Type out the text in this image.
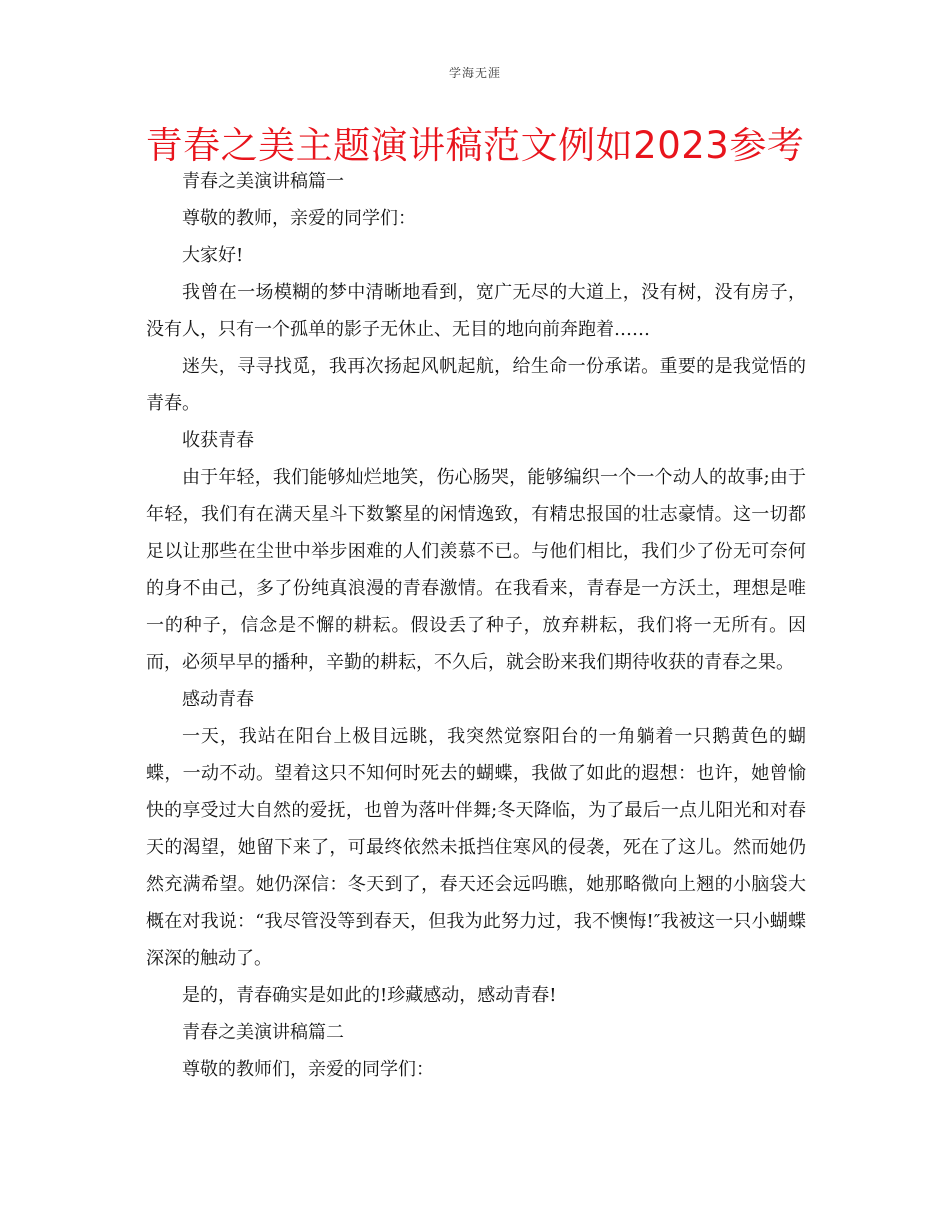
学海无涯
青春之美主题演讲稿范文例如2023参考

青春之美演讲稿篇一

尊敬的教师，亲爱的同学们：

大家好!

我曾在一场模糊的梦中清晰地看到，宽广无尽的大道上，没有树，没有房子，没有人，只有一个孤单的影子无休止、无目的地向前奔跑着……

迷失，寻寻找觅，我再次扬起风帆起航，给生命一份承诺。重要的是我觉悟的青春。

收获青春

由于年轻，我们能够灿烂地笑，伤心肠哭，能够编织一个一个动人的故事;由于年轻，我们有在满天星斗下数繁星的闲情逸致，有精忠报国的壮志豪情。这一切都足以让那些在尘世中举步困难的人们羡慕不已。与他们相比，我们少了份无可奈何的身不由己，多了份纯真浪漫的青春激情。在我看来，青春是一方沃土，理想是唯一的种子，信念是不懈的耕耘。假设丢了种子，放弃耕耘，我们将一无所有。因而，必须早早的播种，辛勤的耕耘，不久后，就会盼来我们期待收获的青春之果。

感动青春

一天，我站在阳台上极目远眺，我突然觉察阳台的一角躺着一只鹅黄色的蝴蝶，一动不动。望着这只不知何时死去的蝴蝶，我做了如此的遐想：也许，她曾愉快的享受过大自然的爱抚，也曾为落叶伴舞;冬天降临，为了最后一点儿阳光和对春天的渴望，她留下来了，可最终依然未抵挡住寒风的侵袭，死在了这儿。然而她仍然充满希望。她仍深信：冬天到了，春天还会远吗瞧，她那略微向上翘的小脑袋大概在对我说：“我尽管没等到春天，但我为此努力过，我不懊悔!″我被这一只小蝴蝶深深的触动了。

是的，青春确实是如此的!珍藏感动，感动青春!

青春之美演讲稿篇二

尊敬的教师们，亲爱的同学们：
